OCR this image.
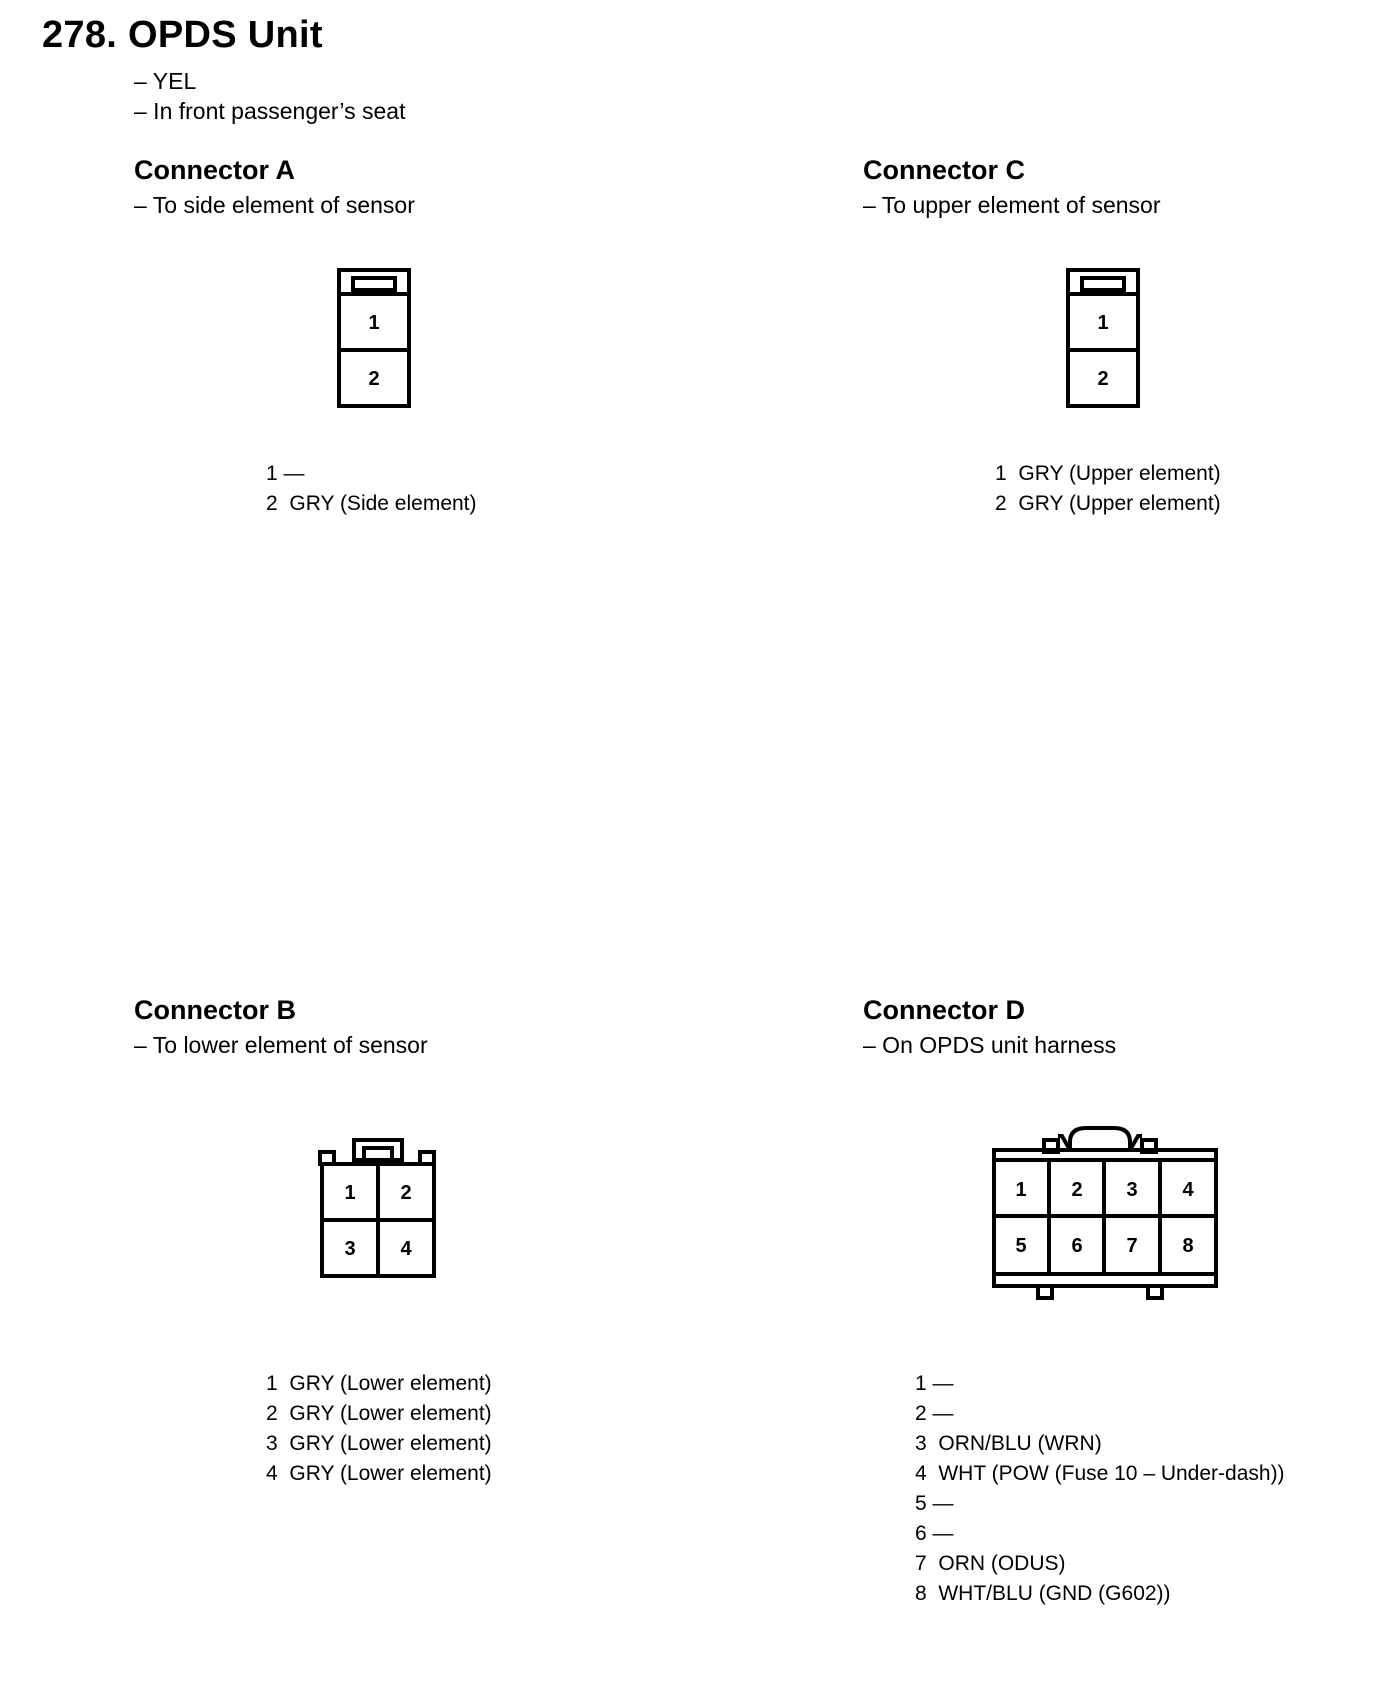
278. OPDS Unit
– YEL
– In front passenger’s seat
Connector A
– To side element of sensor
1
2
1 —
2 GRY (Side element)
Connector C
– To upper element of sensor
1
2
1 GRY (Upper element)
2 GRY (Upper element)
Connector B
– To lower element of sensor
1 2
3 4
1 GRY (Lower element)
2 GRY (Lower element)
3 GRY (Lower element)
4 GRY (Lower element)
Connector D
– On OPDS unit harness
1 2 3 4
5 6 7 8
1 —
2 —
3 ORN/BLU (WRN)
4 WHT (POW (Fuse 10 – Under-dash))
5 —
6 —
7 ORN (ODUS)
8 WHT/BLU (GND (G602))
